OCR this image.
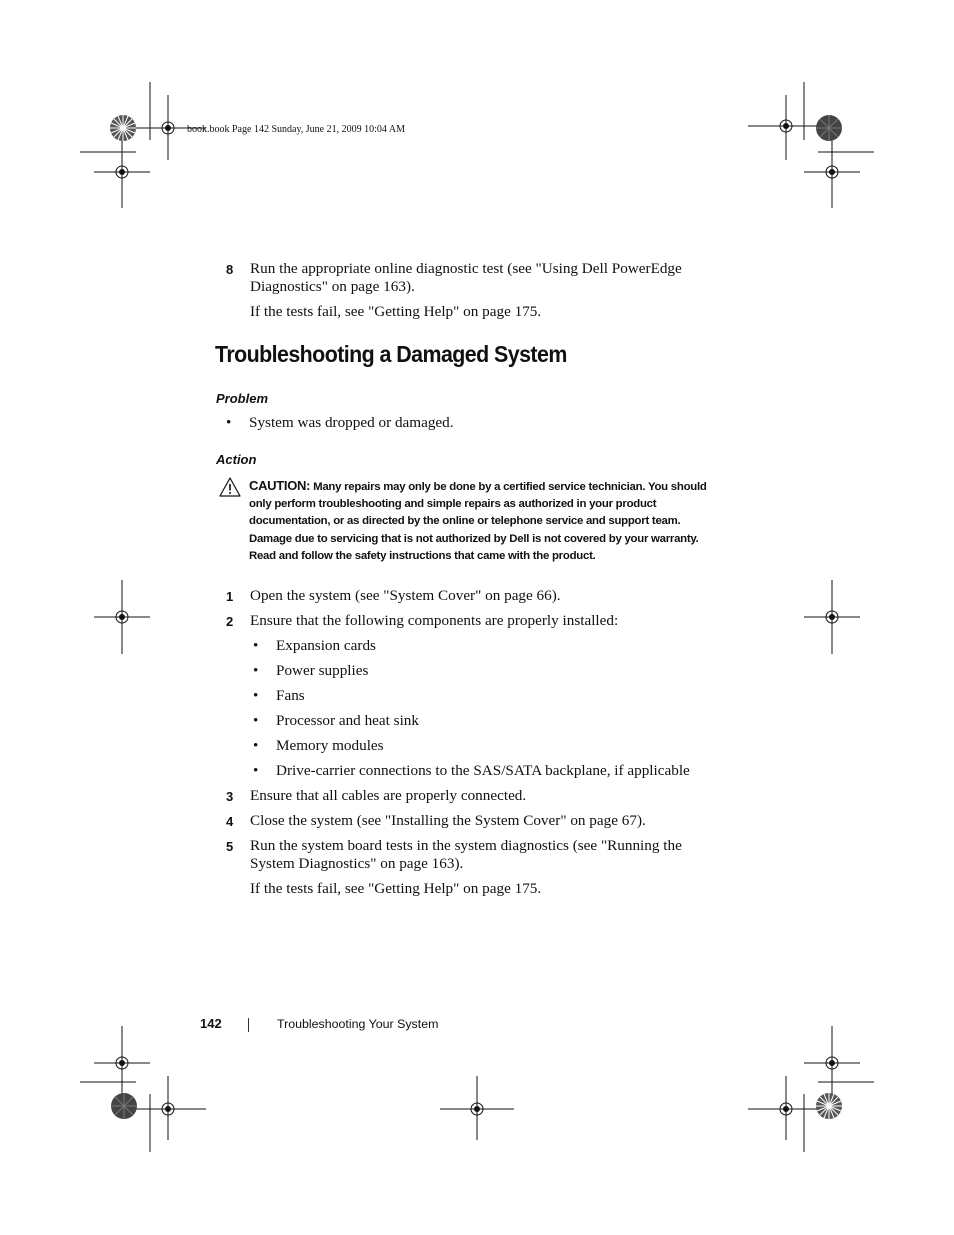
book.book Page 142 Sunday, June 21, 2009 10:04 AM
8 Run the appropriate online diagnostic test (see "Using Dell PowerEdge Diagnostics" on page 163).
If the tests fail, see "Getting Help" on page 175.
Troubleshooting a Damaged System
Problem
• System was dropped or damaged.
Action
CAUTION: Many repairs may only be done by a certified service technician. You should only perform troubleshooting and simple repairs as authorized in your product documentation, or as directed by the online or telephone service and support team. Damage due to servicing that is not authorized by Dell is not covered by your warranty. Read and follow the safety instructions that came with the product.
1 Open the system (see "System Cover" on page 66).
2 Ensure that the following components are properly installed:
• Expansion cards
• Power supplies
• Fans
• Processor and heat sink
• Memory modules
• Drive-carrier connections to the SAS/SATA backplane, if applicable
3 Ensure that all cables are properly connected.
4 Close the system (see "Installing the System Cover" on page 67).
5 Run the system board tests in the system diagnostics (see "Running the System Diagnostics" on page 163).
If the tests fail, see "Getting Help" on page 175.
142	Troubleshooting Your System
